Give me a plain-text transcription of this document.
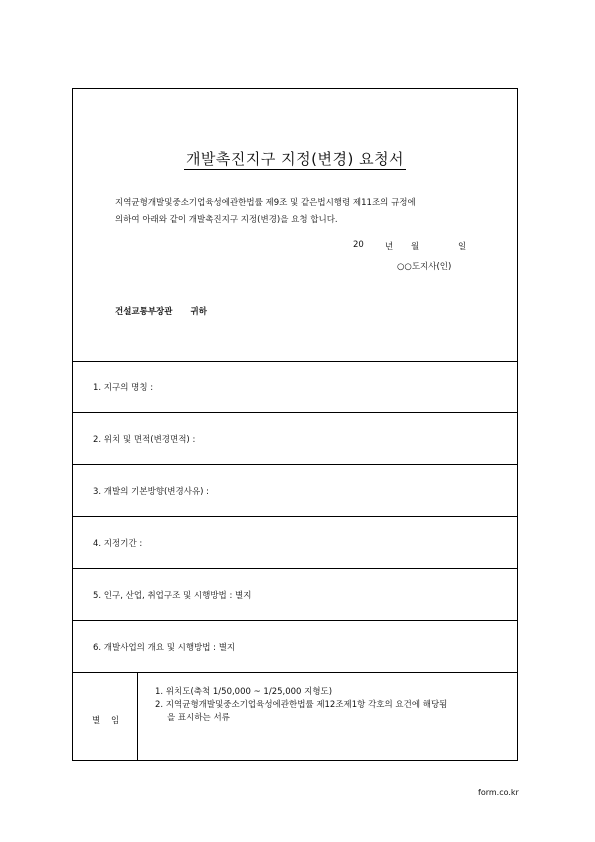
개발촉진지구 지정(변경) 요청서
지역균형개발및중소기업육성에관한법률 제9조 및 같은법시행령 제11조의 규정에
의하여 아래와 같이 개발촉진지구 지정(변경)을 요청 합니다.
20 년 월	일
○○도지사(인)
건설교통부장관 귀하
1. 지구의 명칭 :
2. 위치 및 면적(변경면적) :
3. 개발의 기본방향(변경사유) :
4. 지정기간 :
5. 인구, 산업, 취업구조 및 시행방법 : 별지
6. 개발사업의 개요 및 시행방법 : 별지
별 임
1. 위치도(축척 1/50,000 ~ 1/25,000 지형도)
2. 지역균형개발및중소기업육성에관한법률 제12조제1항 각호의 요건에 해당됨
을 표시하는 서류
form.co.kr
